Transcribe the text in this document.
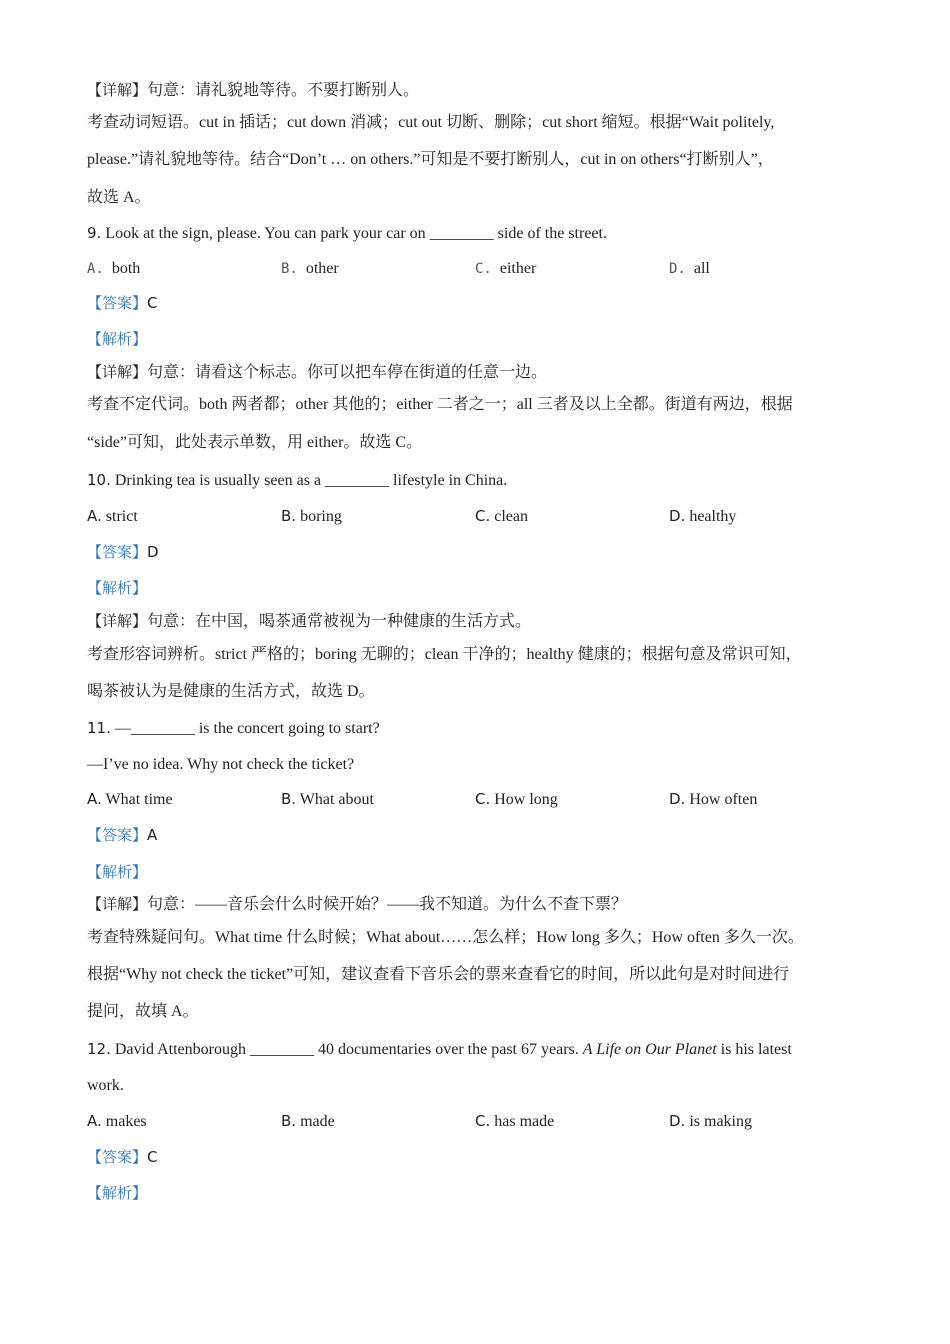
【详解】句意：请礼貌地等待。不要打断别人。
考查动词短语。cut in 插话；cut down 消减；cut out 切断、删除；cut short 缩短。根据“Wait politely,
please.”请礼貌地等待。结合“Don’t … on others.”可知是不要打断别人，cut in on others“打断别人”，
故选 A。
9. Look at the sign, please. You can park your car on ________ side of the street.
A. both	B. other	C. either	D. all
【答案】C
【解析】
【详解】句意：请看这个标志。你可以把车停在街道的任意一边。
考查不定代词。both 两者都；other 其他的；either 二者之一；all 三者及以上全都。街道有两边，根据
“side”可知，此处表示单数，用 either。故选 C。
10. Drinking tea is usually seen as a ________ lifestyle in China.
A. strict	B. boring	C. clean	D. healthy
【答案】D
【解析】
【详解】句意：在中国，喝茶通常被视为一种健康的生活方式。
考查形容词辨析。strict 严格的；boring 无聊的；clean 干净的；healthy 健康的；根据句意及常识可知，
喝茶被认为是健康的生活方式，故选 D。
11. —________ is the concert going to start?
—I’ve no idea. Why not check the ticket?
A. What time	B. What about	C. How long	D. How often
【答案】A
【解析】
【详解】句意：——音乐会什么时候开始？——我不知道。为什么不查下票？
考查特殊疑问句。What time 什么时候；What about……怎么样；How long 多久；How often 多久一次。
根据“Why not check the ticket”可知，建议查看下音乐会的票来查看它的时间，所以此句是对时间进行
提问，故填 A。
12. David Attenborough ________ 40 documentaries over the past 67 years. A Life on Our Planet is his latest
work.
A. makes	B. made	C. has made	D. is making
【答案】C
【解析】
